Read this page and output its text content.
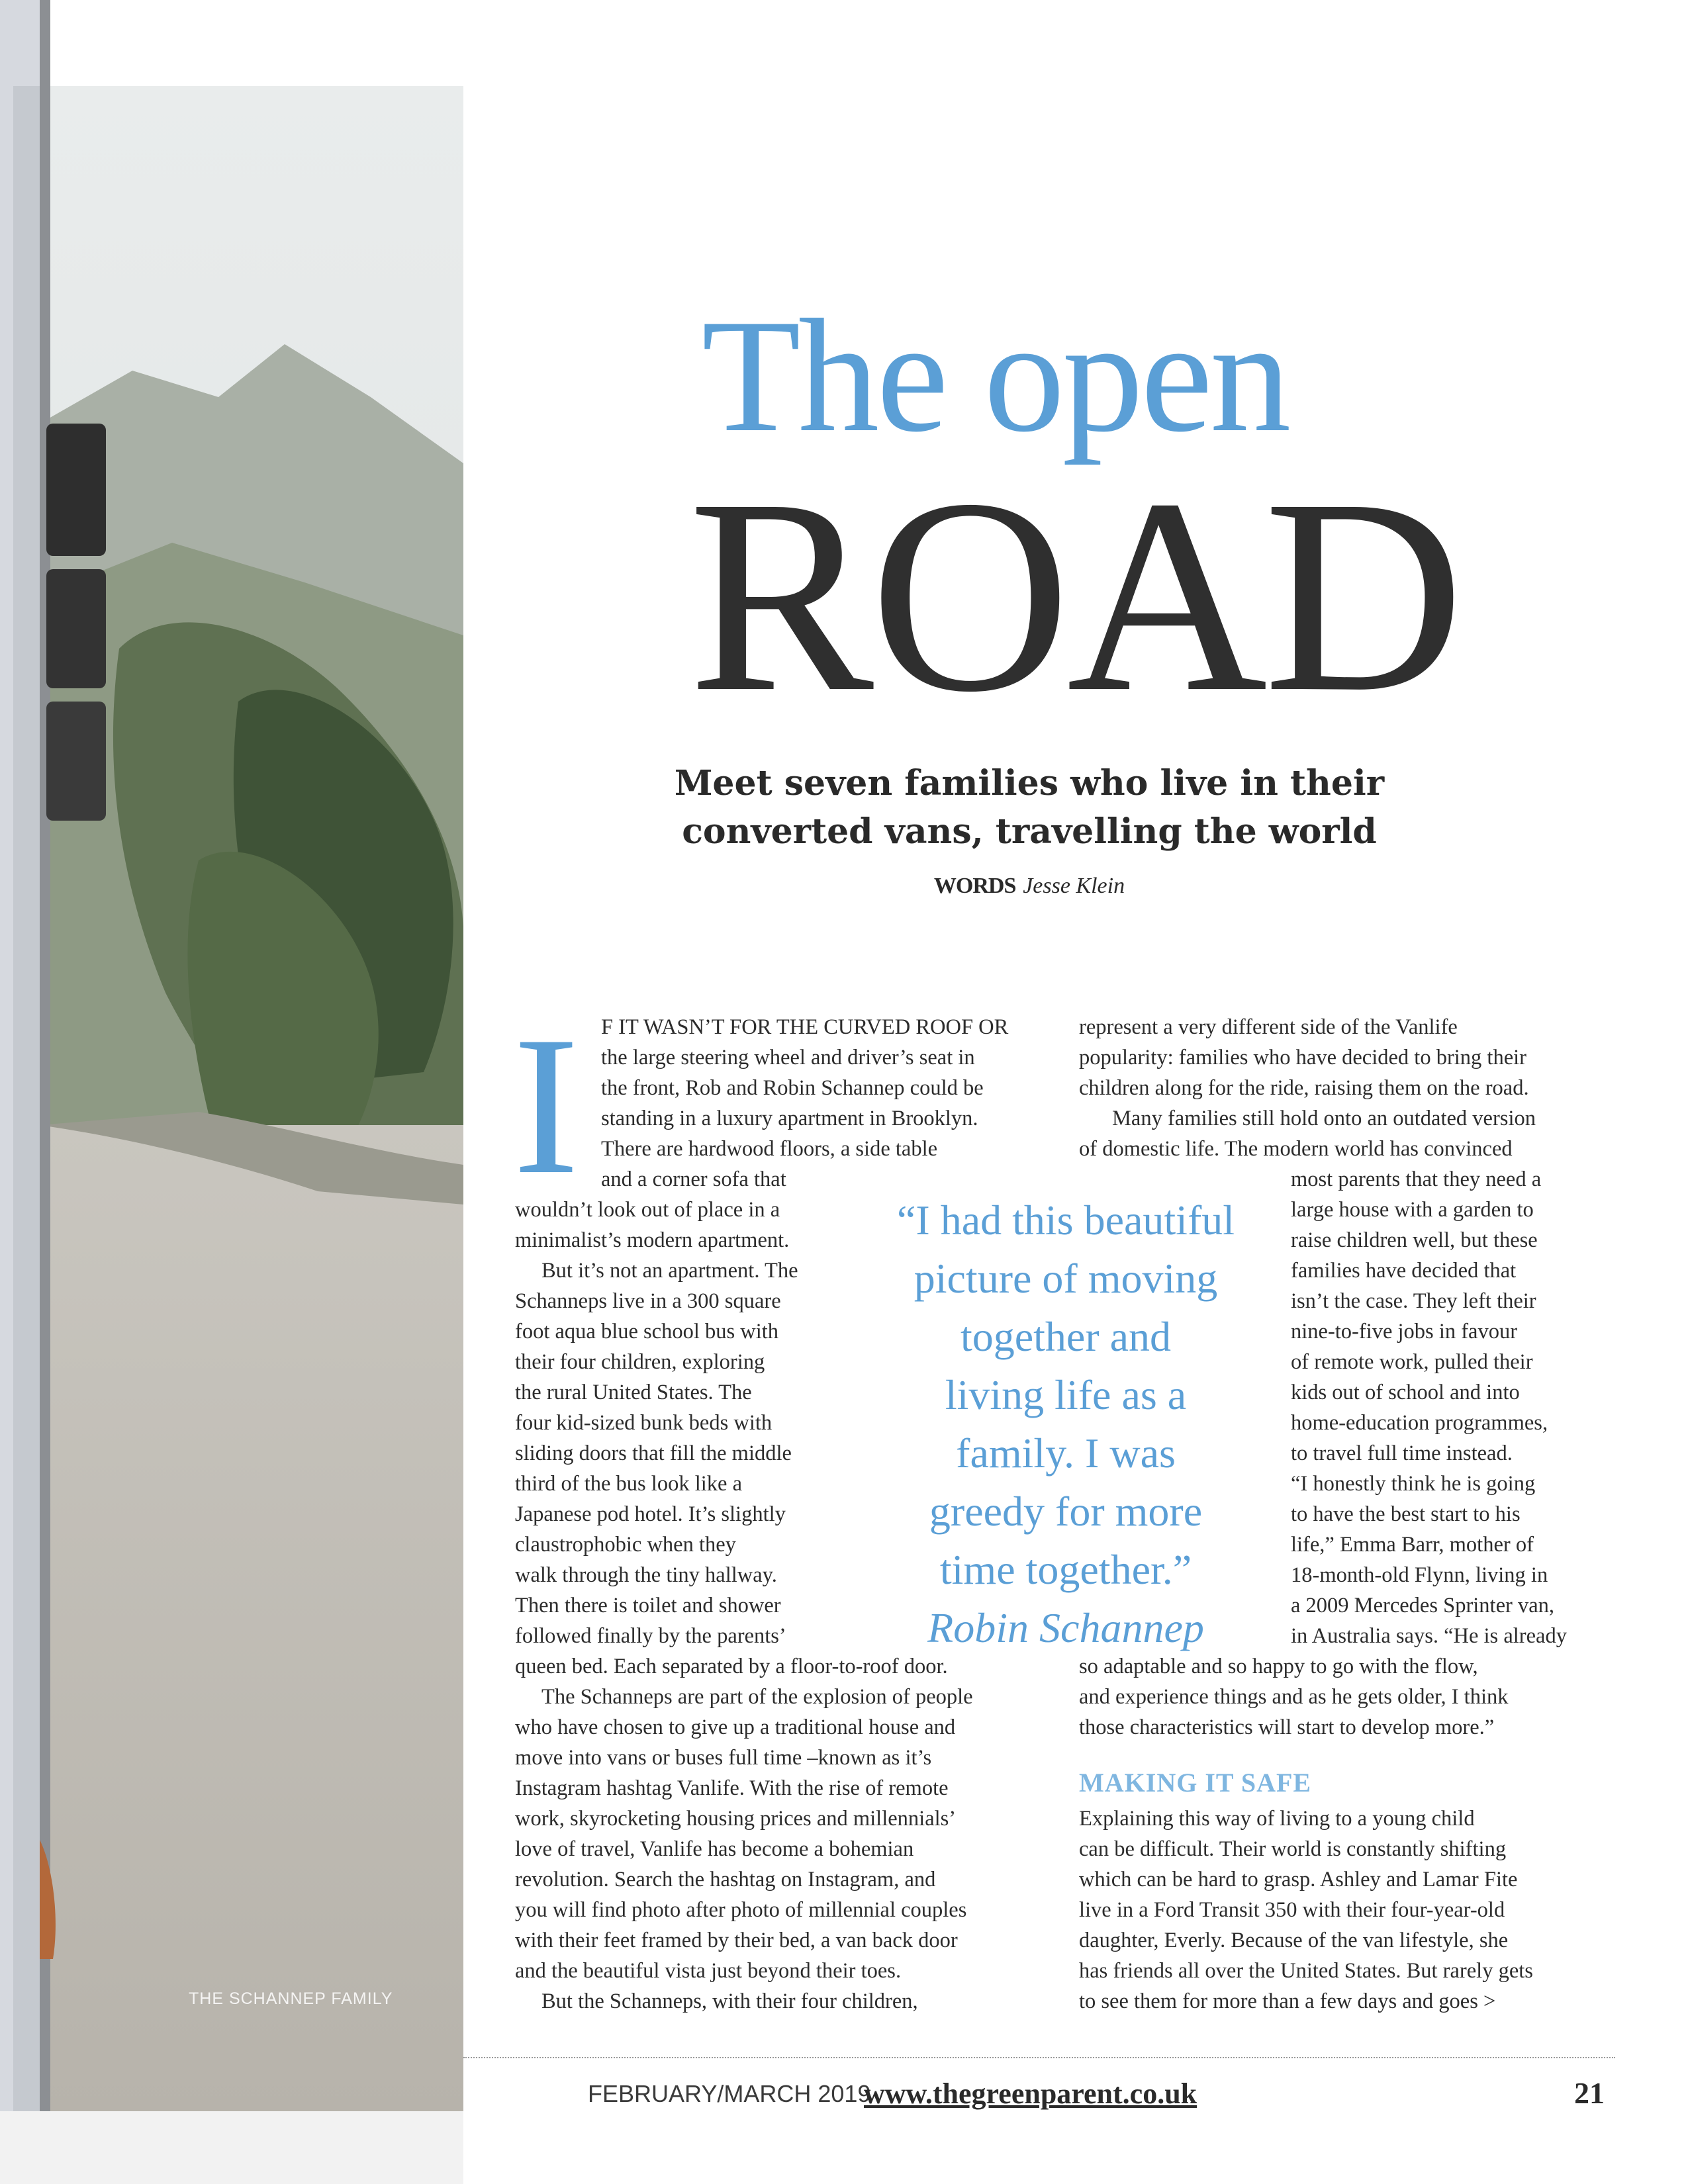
THE SCHANNEP FAMILY
The open
ROAD
Meet seven families who live in their
converted vans, travelling the world
WORDS Jesse Klein
I F IT WASN’T FOR THE CURVED ROOF OR
the large steering wheel and driver’s seat in
the front, Rob and Robin Schannep could be
standing in a luxury apartment in Brooklyn.
There are hardwood floors, a side table
and a corner sofa that
wouldn’t look out of place in a
minimalist’s modern apartment.
But it’s not an apartment. The
Schanneps live in a 300 square
foot aqua blue school bus with
their four children, exploring
the rural United States. The
four kid-sized bunk beds with
sliding doors that fill the middle
third of the bus look like a
Japanese pod hotel. It’s slightly
claustrophobic when they
walk through the tiny hallway.
Then there is toilet and shower
followed finally by the parents’
queen bed. Each separated by a floor-to-roof door.
The Schanneps are part of the explosion of people
who have chosen to give up a traditional house and
move into vans or buses full time –known as it’s
Instagram hashtag Vanlife. With the rise of remote
work, skyrocketing housing prices and millennials’
love of travel, Vanlife has become a bohemian
revolution. Search the hashtag on Instagram, and
you will find photo after photo of millennial couples
with their feet framed by their bed, a van back door
and the beautiful vista just beyond their toes.
But the Schanneps, with their four children,
represent a very different side of the Vanlife
popularity: families who have decided to bring their
children along for the ride, raising them on the road.
Many families still hold onto an outdated version
of domestic life. The modern world has convinced
most parents that they need a
large house with a garden to
raise children well, but these
families have decided that
isn’t the case. They left their
nine-to-five jobs in favour
of remote work, pulled their
kids out of school and into
home-education programmes,
to travel full time instead.
“I honestly think he is going
to have the best start to his
life,” Emma Barr, mother of
18-month-old Flynn, living in
a 2009 Mercedes Sprinter van,
in Australia says. “He is already
so adaptable and so happy to go with the flow,
and experience things and as he gets older, I think
those characteristics will start to develop more.”
MAKING IT SAFE
Explaining this way of living to a young child
can be difficult. Their world is constantly shifting
which can be hard to grasp. Ashley and Lamar Fite
live in a Ford Transit 350 with their four-year-old
daughter, Everly. Because of the van lifestyle, she
has friends all over the United States. But rarely gets
to see them for more than a few days and goes >
“I had this beautiful
picture of moving
together and
living life as a
family. I was
greedy for more
time together.”
Robin Schannep
FEBRUARY/MARCH 2019
www.thegreenparent.co.uk	21
